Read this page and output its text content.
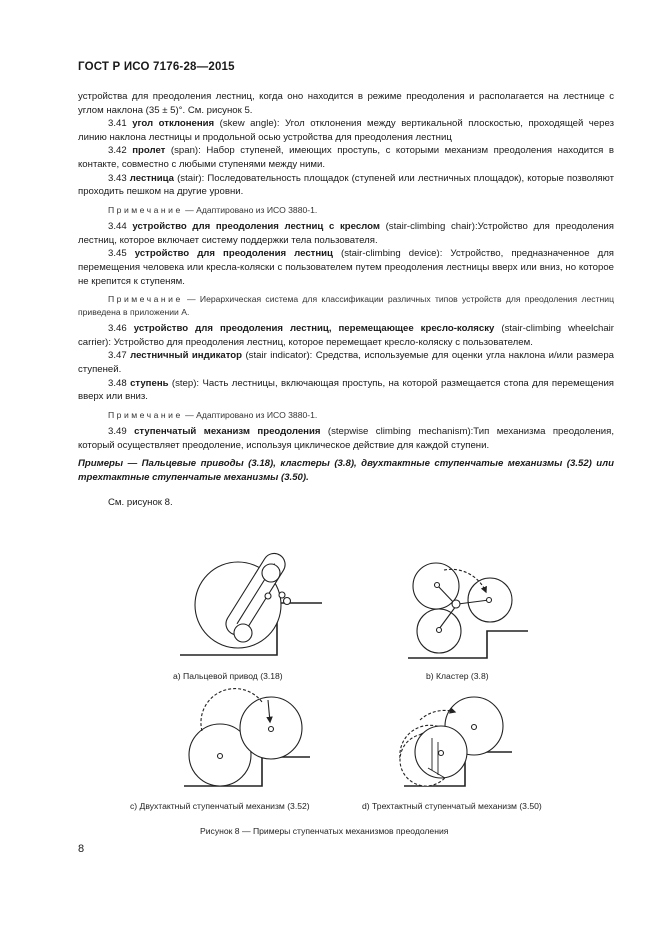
ГОСТ Р ИСО 7176-28—2015

устройства для преодоления лестниц, когда оно находится в режиме преодоления и располагается на лестнице с углом наклона (35 ± 5)°. См. рисунок 5.

3.41 угол отклонения (skew angle): Угол отклонения между вертикальной плоскостью, проходящей через линию наклона лестницы и продольной осью устройства для преодоления лестниц

3.42 пролет (span): Набор ступеней, имеющих проступь, с которыми механизм преодоления находится в контакте, совместно с любыми ступенями между ними.

3.43 лестница (stair): Последовательность площадок (ступеней или лестничных площадок), которые позволяют проходить пешком на другие уровни.

Примечание — Адаптировано из ИСО 3880-1.

3.44 устройство для преодоления лестниц с креслом (stair-climbing chair):Устройство для преодоления лестниц, которое включает систему поддержки тела пользователя.

3.45 устройство для преодоления лестниц (stair-climbing device): Устройство, предназначенное для перемещения человека или кресла-коляски с пользователем путем преодоления лестницы вверх или вниз, но которое не крепится к ступеням.

Примечание — Иерархическая система для классификации различных типов устройств для преодоления лестниц приведена в приложении А.

3.46 устройство для преодоления лестниц, перемещающее кресло-коляску (stair-climbing wheelchair carrier): Устройство для преодоления лестниц, которое перемещает кресло-коляску с пользователем.

3.47 лестничный индикатор (stair indicator): Средства, используемые для оценки угла наклона и/или размера ступеней.

3.48 ступень (step): Часть лестницы, включающая проступь, на которой размещается стопа для перемещения вверх или вниз.

Примечание — Адаптировано из ИСО 3880-1.

3.49 ступенчатый механизм преодоления (stepwise climbing mechanism):Тип механизма преодоления, который осуществляет преодоление, используя циклическое действие для каждой ступени.

Примеры — Пальцевые приводы (3.18), кластеры (3.8), двухтактные ступенчатые механизмы (3.52) или трехтактные ступенчатые механизмы (3.50).

См. рисунок 8.

a) Пальцевой привод (3.18)	b) Кластер (3.8)
c) Двухтактный ступенчатый механизм (3.52)	d) Трехтактный ступенчатый механизм (3.50)
Рисунок 8 — Примеры ступенчатых механизмов преодоления
8
